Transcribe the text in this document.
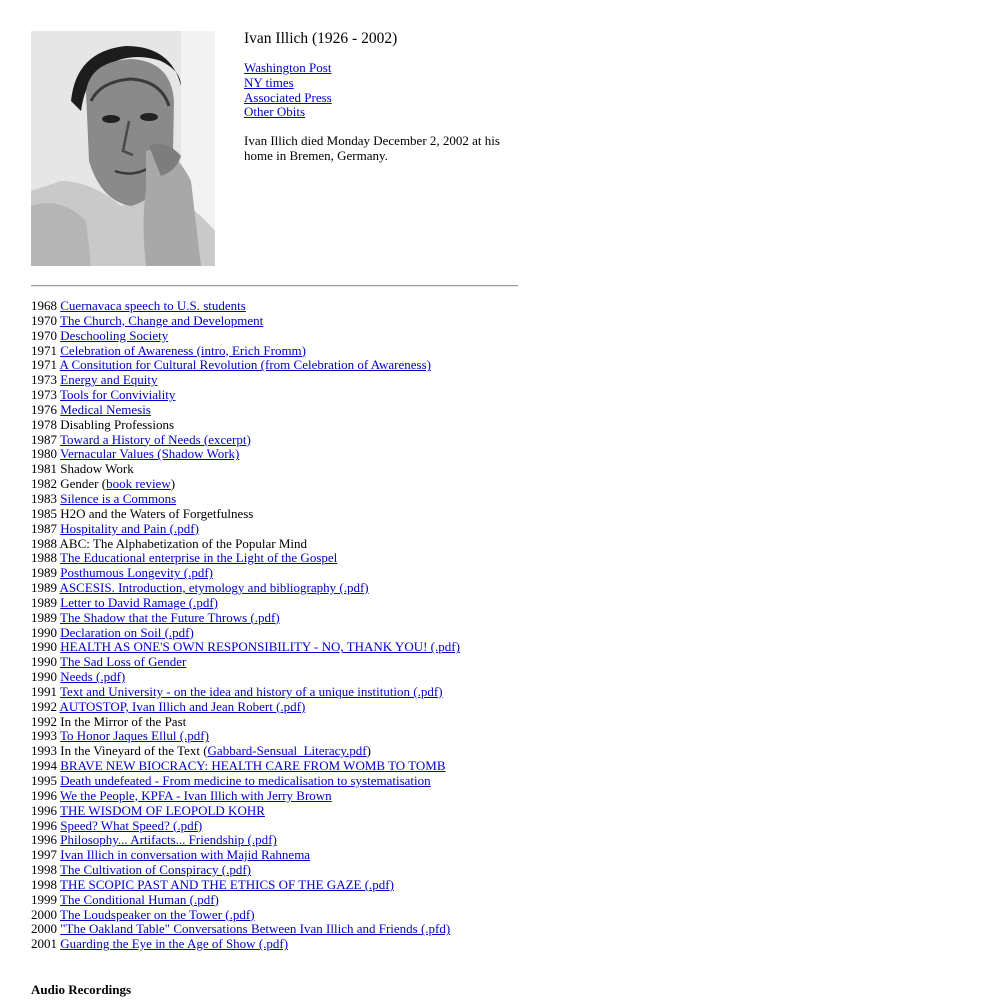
Ivan Illich (1926 - 2002)
Washington Post
NY times
Associated Press
Other Obits

Ivan Illich died Monday December 2, 2002 at his home in Bremen, Germany.

1968 Cuernavaca speech to U.S. students
1970 The Church, Change and Development
1970 Deschooling Society
1971 Celebration of Awareness (intro, Erich Fromm)
1971 A Consitution for Cultural Revolution (from Celebration of Awareness)
1973 Energy and Equity
1973 Tools for Conviviality
1976 Medical Nemesis
1978 Disabling Professions
1987 Toward a History of Needs (excerpt)
1980 Vernacular Values (Shadow Work)
1981 Shadow Work
1982 Gender (book review)
1983 Silence is a Commons
1985 H2O and the Waters of Forgetfulness
1987 Hospitality and Pain (.pdf)
1988 ABC: The Alphabetization of the Popular Mind
1988 The Educational enterprise in the Light of the Gospel
1989 Posthumous Longevity (.pdf)
1989 ASCESIS. Introduction, etymology and bibliography (.pdf)
1989 Letter to David Ramage (.pdf)
1989 The Shadow that the Future Throws (.pdf)
1990 Declaration on Soil (.pdf)
1990 HEALTH AS ONE'S OWN RESPONSIBILITY - NO, THANK YOU! (.pdf)
1990 The Sad Loss of Gender
1990 Needs (.pdf)
1991 Text and University - on the idea and history of a unique institution (.pdf)
1992 AUTOSTOP, Ivan Illich and Jean Robert (.pdf)
1992 In the Mirror of the Past
1993 To Honor Jaques Ellul (.pdf)
1993 In the Vineyard of the Text (Gabbard-Sensual_Literacy.pdf)
1994 BRAVE NEW BIOCRACY: HEALTH CARE FROM WOMB TO TOMB
1995 Death undefeated - From medicine to medicalisation to systematisation
1996 We the People, KPFA - Ivan Illich with Jerry Brown
1996 THE WISDOM OF LEOPOLD KOHR
1996 Speed? What Speed? (.pdf)
1996 Philosophy... Artifacts... Friendship (.pdf)
1997 Ivan Illich in conversation with Majid Rahnema
1998 The Cultivation of Conspiracy (.pdf)
1998 THE SCOPIC PAST AND THE ETHICS OF THE GAZE (.pdf)
1999 The Conditional Human (.pdf)
2000 The Loudspeaker on the Tower (.pdf)
2000 "The Oakland Table" Conversations Between Ivan Illich and Friends (.pfd)
2001 Guarding the Eye in the Age of Show (.pdf)
Audio Recordings
